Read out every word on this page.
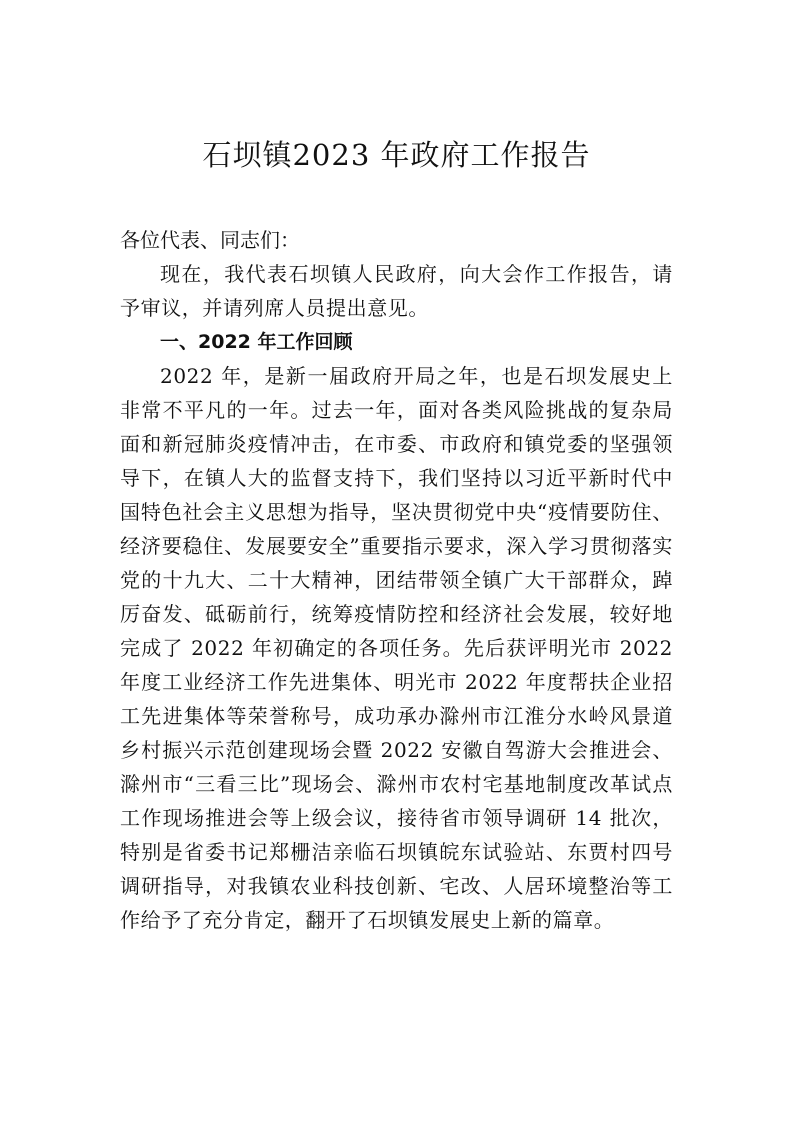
石坝镇2023 年政府工作报告

各位代表、同志们：

现在，我代表石坝镇人民政府，向大会作工作报告，请予审议，并请列席人员提出意见。

一、2022 年工作回顾

2022 年，是新一届政府开局之年，也是石坝发展史上非常不平凡的一年。过去一年，面对各类风险挑战的复杂局面和新冠肺炎疫情冲击，在市委、市政府和镇党委的坚强领导下，在镇人大的监督支持下，我们坚持以习近平新时代中国特色社会主义思想为指导，坚决贯彻党中央“疫情要防住、经济要稳住、发展要安全”重要指示要求，深入学习贯彻落实党的十九大、二十大精神，团结带领全镇广大干部群众，踔厉奋发、砥砺前行，统筹疫情防控和经济社会发展，较好地完成了 2022 年初确定的各项任务。先后获评明光市 2022 年度工业经济工作先进集体、明光市 2022 年度帮扶企业招工先进集体等荣誉称号，成功承办滁州市江淮分水岭风景道乡村振兴示范创建现场会暨 2022 安徽自驾游大会推进会、滁州市“三看三比”现场会、滁州市农村宅基地制度改革试点工作现场推进会等上级会议，接待省市领导调研 14 批次，特别是省委书记郑栅洁亲临石坝镇皖东试验站、东贾村四号调研指导，对我镇农业科技创新、宅改、人居环境整治等工作给予了充分肯定，翻开了石坝镇发展史上新的篇章。
